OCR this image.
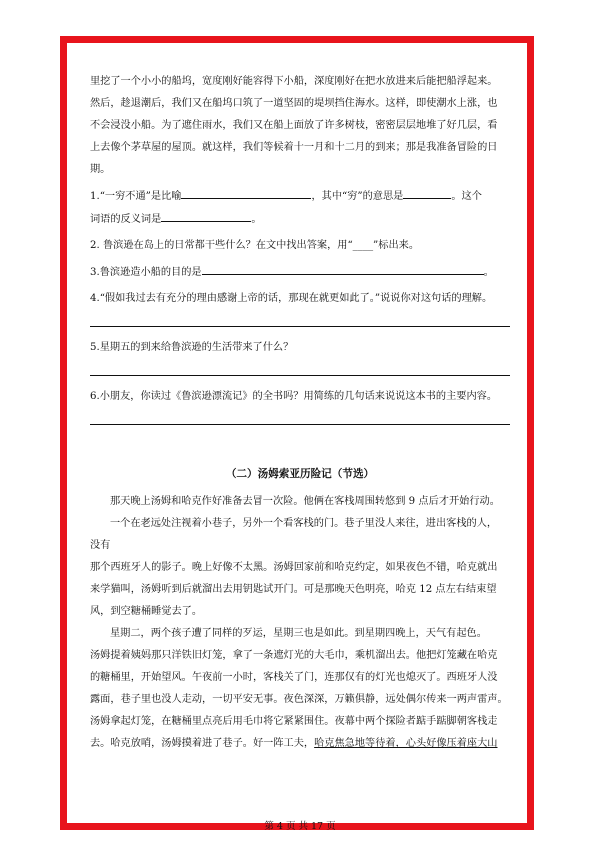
里挖了一个小小的船坞，宽度刚好能容得下小船，深度刚好在把水放进来后能把船浮起来。

然后，趁退潮后，我们又在船坞口筑了一道坚固的堤坝挡住海水。这样，即使潮水上涨，也

不会浸没小船。为了遮住雨水，我们又在船上面放了许多树枝，密密层层地堆了好几层，看

上去像个茅草屋的屋顶。就这样，我们等候着十一月和十二月的到来；那是我准备冒险的日

期。

1.“一穷不通”是比喻	，其中“穷”的意思是	。这个

词语的反义词是	。

2. 鲁滨逊在岛上的日常都干些什么？在文中找出答案，用“____”标出来。

3.鲁滨逊造小船的目的是	。

4.“假如我过去有充分的理由感谢上帝的话，那现在就更如此了。”说说你对这句话的理解。

5.星期五的到来给鲁滨逊的生活带来了什么？

6.小朋友，你读过《鲁滨逊漂流记》的全书吗？用简练的几句话来说说这本书的主要内容。

（二）汤姆索亚历险记（节选）

那天晚上汤姆和哈克作好准备去冒一次险。他俩在客栈周围转悠到 9 点后才开始行动。

一个在老远处注视着小巷子，另外一个看客栈的门。巷子里没人来往，进出客栈的人，

没有

那个西班牙人的影子。晚上好像不太黑。汤姆回家前和哈克约定，如果夜色不错，哈克就出

来学猫叫，汤姆听到后就溜出去用钥匙试开门。可是那晚天色明亮，哈克 12 点左右结束望

风，到空糖桶睡觉去了。

星期二，两个孩子遭了同样的歹运，星期三也是如此。到星期四晚上，天气有起色。

汤姆提着姨妈那只洋铁旧灯笼，拿了一条遮灯光的大毛巾，乘机溜出去。他把灯笼藏在哈克

的糖桶里，开始望风。午夜前一小时，客栈关了门，连那仅有的灯光也熄灭了。西班牙人没

露面，巷子里也没人走动，一切平安无事。夜色深深，万籁俱静，远处偶尔传来一两声雷声。

汤姆拿起灯笼，在糖桶里点亮后用毛巾将它紧紧围住。夜幕中两个探险者踮手踮脚朝客栈走

去。哈克放哨，汤姆摸着进了巷子。好一阵工夫，哈克焦急地等待着，心头好像压着座大山

第 4 页 共 17 页
